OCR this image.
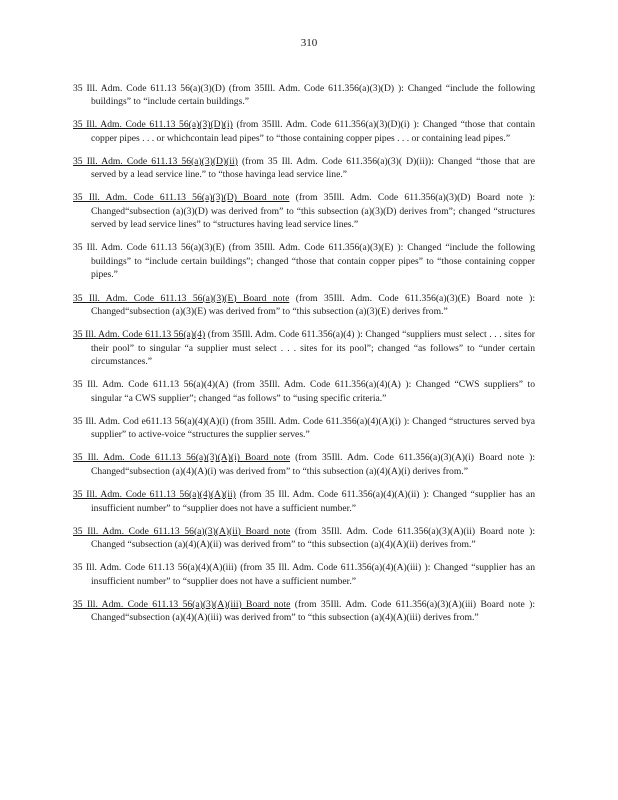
310

35 Ill. Adm. Code 611.13 56(a)(3)(D) (from 35Ill. Adm. Code 611.356(a)(3)(D) ): Changed “include the following buildings” to “include certain buildings.”

35 Ill. Adm. Code 611.13 56(a)(3)(D)(i) (from 35Ill. Adm. Code 611.356(a)(3)(D)(i) ): Changed “those that contain copper pipes . . . or whichcontain lead pipes” to “those containing copper pipes . . . or containing lead pipes.”

35 Ill. Adm. Code 611.13 56(a)(3)(D)(ii) (from 35 Ill. Adm. Code 611.356(a)(3)( D)(ii)): Changed “those that are served by a lead service line.” to “those havinga lead service line.”

35 Ill. Adm. Code 611.13 56(a)(3)(D) Board note (from 35Ill. Adm. Code 611.356(a)(3)(D) Board note ): Changed“subsection (a)(3)(D) was derived from” to “this subsection (a)(3)(D) derives from”; changed “structures served by lead service lines” to “structures having lead service lines.”

35 Ill. Adm. Code 611.13 56(a)(3)(E) (from 35Ill. Adm. Code 611.356(a)(3)(E) ): Changed “include the following buildings” to “include certain buildings”; changed “those that contain copper pipes” to “those containing copper pipes.”

35 Ill. Adm. Code 611.13 56(a)(3)(E) Board note (from 35Ill. Adm. Code 611.356(a)(3)(E) Board note ): Changed“subsection (a)(3)(E) was derived from” to “this subsection (a)(3)(E) derives from.”

35 Ill. Adm. Code 611.13 56(a)(4) (from 35Ill. Adm. Code 611.356(a)(4) ): Changed “suppliers must select . . . sites for their pool” to singular “a supplier must select . . . sites for its pool”; changed “as follows” to “under certain circumstances.”

35 Ill. Adm. Code 611.13 56(a)(4)(A) (from 35Ill. Adm. Code 611.356(a)(4)(A) ): Changed “CWS suppliers” to singular “a CWS supplier”; changed “as follows” to “using specific criteria.”

35 Ill. Adm. Cod e611.13 56(a)(4)(A)(i) (from 35Ill. Adm. Code 611.356(a)(4)(A)(i) ): Changed “structures served bya supplier” to active-voice “structures the supplier serves.”

35 Ill. Adm. Code 611.13 56(a)(3)(A)(i) Board note (from 35Ill. Adm. Code 611.356(a)(3)(A)(i) Board note ): Changed“subsection (a)(4)(A)(i) was derived from” to “this subsection (a)(4)(A)(i) derives from.”

35 Ill. Adm. Code 611.13 56(a)(4)(A)(ii) (from 35 Ill. Adm. Code 611.356(a)(4)(A)(ii) ): Changed “supplier has an insufficient number” to “supplier does not have a sufficient number.”

35 Ill. Adm. Code 611.13 56(a)(3)(A)(ii) Board note (from 35Ill. Adm. Code 611.356(a)(3)(A)(ii) Board note ): Changed “subsection (a)(4)(A)(ii) was derived from” to “this subsection (a)(4)(A)(ii) derives from.”

35 Ill. Adm. Code 611.13 56(a)(4)(A)(iii) (from 35 Ill. Adm. Code 611.356(a)(4)(A)(iii) ): Changed “supplier has an insufficient number” to “supplier does not have a sufficient number.”

35 Ill. Adm. Code 611.13 56(a)(3)(A)(iii) Board note (from 35Ill. Adm. Code 611.356(a)(3)(A)(iii) Board note ): Changed“subsection (a)(4)(A)(iii) was derived from” to “this subsection (a)(4)(A)(iii) derives from.”
